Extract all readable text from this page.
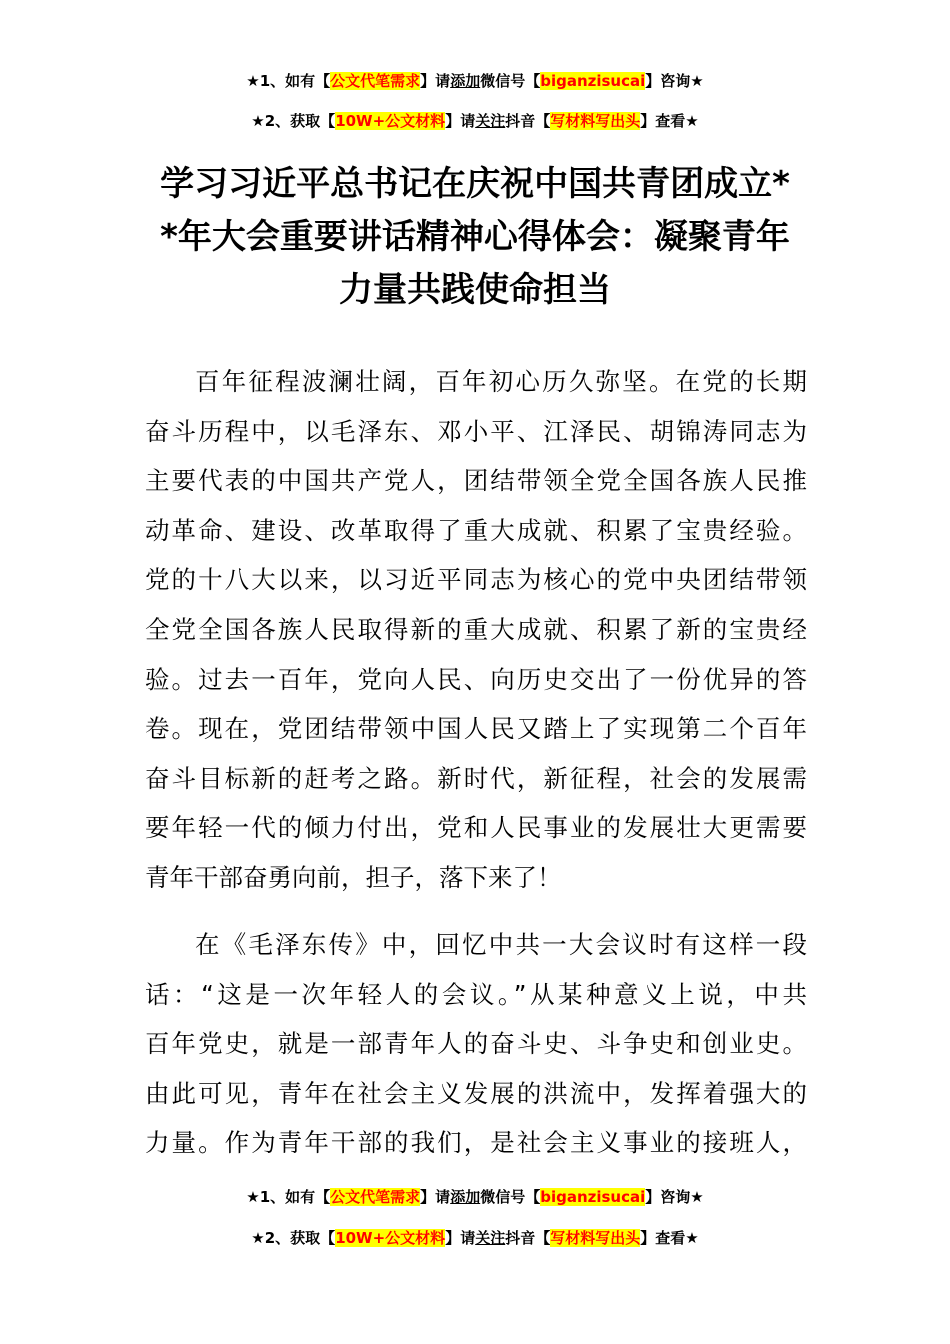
★1、如有【公文代笔需求】请添加微信号【biganzisucai】咨询★
★2、获取【10W+公文材料】请关注抖音【写材料写出头】查看★
学习习近平总书记在庆祝中国共青团成立*
*年大会重要讲话精神心得体会：凝聚青年
力量共践使命担当
百年征程波澜壮阔，百年初心历久弥坚。在党的长期
奋斗历程中，以毛泽东、邓小平、江泽民、胡锦涛同志为
主要代表的中国共产党人，团结带领全党全国各族人民推
动革命、建设、改革取得了重大成就、积累了宝贵经验。
党的十八大以来，以习近平同志为核心的党中央团结带领
全党全国各族人民取得新的重大成就、积累了新的宝贵经
验。过去一百年，党向人民、向历史交出了一份优异的答
卷。现在，党团结带领中国人民又踏上了实现第二个百年
奋斗目标新的赶考之路。新时代，新征程，社会的发展需
要年轻一代的倾力付出，党和人民事业的发展壮大更需要
青年干部奋勇向前，担子，落下来了！
在《毛泽东传》中，回忆中共一大会议时有这样一段
话：“这是一次年轻人的会议。”从某种意义上说，中共
百年党史，就是一部青年人的奋斗史、斗争史和创业史。
由此可见，青年在社会主义发展的洪流中，发挥着强大的
力量。作为青年干部的我们，是社会主义事业的接班人，
★1、如有【公文代笔需求】请添加微信号【biganzisucai】咨询★
★2、获取【10W+公文材料】请关注抖音【写材料写出头】查看★
